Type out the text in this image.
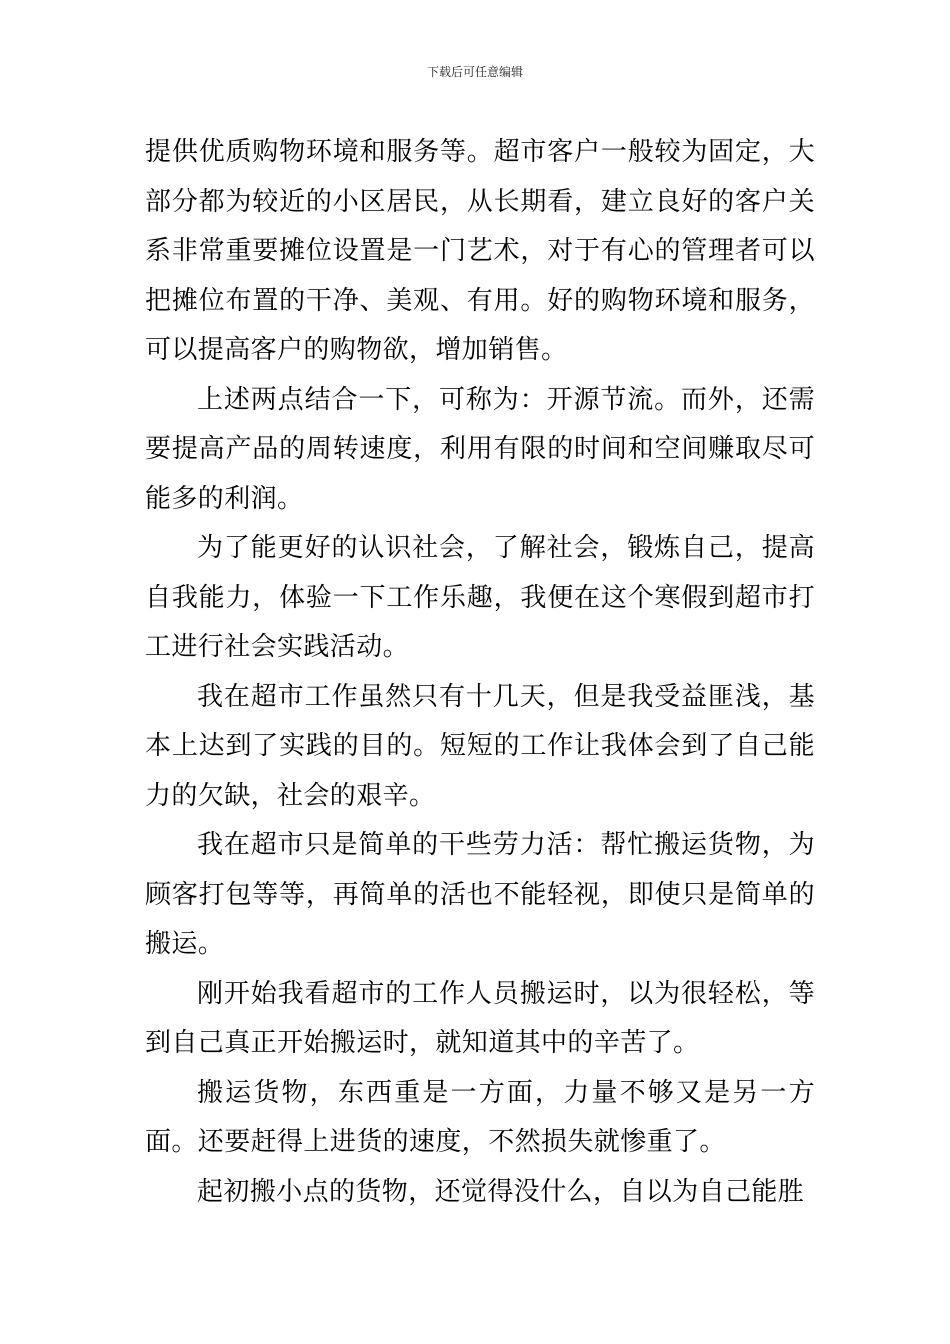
下载后可任意编辑

提供优质购物环境和服务等。超市客户一般较为固定，大部分都为较近的小区居民，从长期看，建立良好的客户关系非常重要摊位设置是一门艺术，对于有心的管理者可以把摊位布置的干净、美观、有用。好的购物环境和服务，可以提高客户的购物欲，增加销售。

上述两点结合一下，可称为：开源节流。而外，还需要提高产品的周转速度，利用有限的时间和空间赚取尽可能多的利润。

为了能更好的认识社会，了解社会，锻炼自己，提高自我能力，体验一下工作乐趣，我便在这个寒假到超市打工进行社会实践活动。

我在超市工作虽然只有十几天，但是我受益匪浅，基本上达到了实践的目的。短短的工作让我体会到了自己能力的欠缺，社会的艰辛。

我在超市只是简单的干些劳力活：帮忙搬运货物，为顾客打包等等，再简单的活也不能轻视，即使只是简单的搬运。

刚开始我看超市的工作人员搬运时，以为很轻松，等到自己真正开始搬运时，就知道其中的辛苦了。

搬运货物，东西重是一方面，力量不够又是另一方面。还要赶得上进货的速度，不然损失就惨重了。

起初搬小点的货物，还觉得没什么，自以为自己能胜
